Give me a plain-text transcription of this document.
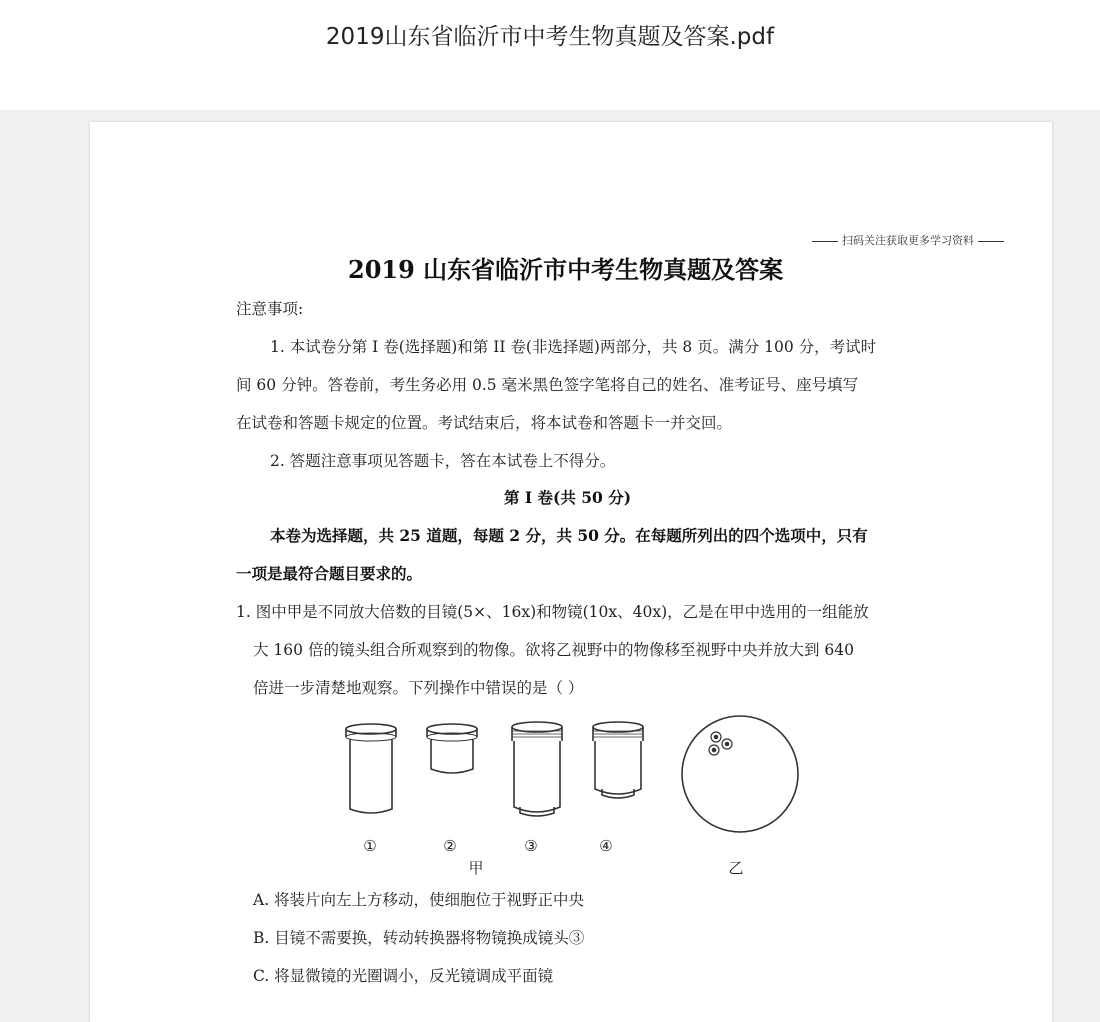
2019山东省临沂市中考生物真题及答案.pdf
扫码关注获取更多学习资料
2019 山东省临沂市中考生物真题及答案
注意事项:
1. 本试卷分第 I 卷(选择题)和第 II 卷(非选择题)两部分，共 8 页。满分 100 分，考试时
间 60 分钟。答卷前，考生务必用 0.5 毫米黑色签字笔将自己的姓名、准考证号、座号填写
在试卷和答题卡规定的位置。考试结束后，将本试卷和答题卡一并交回。
2. 答题注意事项见答题卡，答在本试卷上不得分。
第 I 卷(共 50 分)
本卷为选择题，共 25 道题，每题 2 分，共 50 分。在每题所列出的四个选项中，只有
一项是最符合题目要求的。
1. 图中甲是不同放大倍数的目镜(5×、16x)和物镜(10x、40x)，乙是在甲中选用的一组能放
大 160 倍的镜头组合所观察到的物像。欲将乙视野中的物像移至视野中央并放大到 640
倍进一步清楚地观察。下列操作中错误的是（ ）
①	②	③	④
甲	乙
A. 将装片向左上方移动，使细胞位于视野正中央
B. 目镜不需要换，转动转换器将物镜换成镜头③
C. 将显微镜的光圈调小，反光镜调成平面镜
